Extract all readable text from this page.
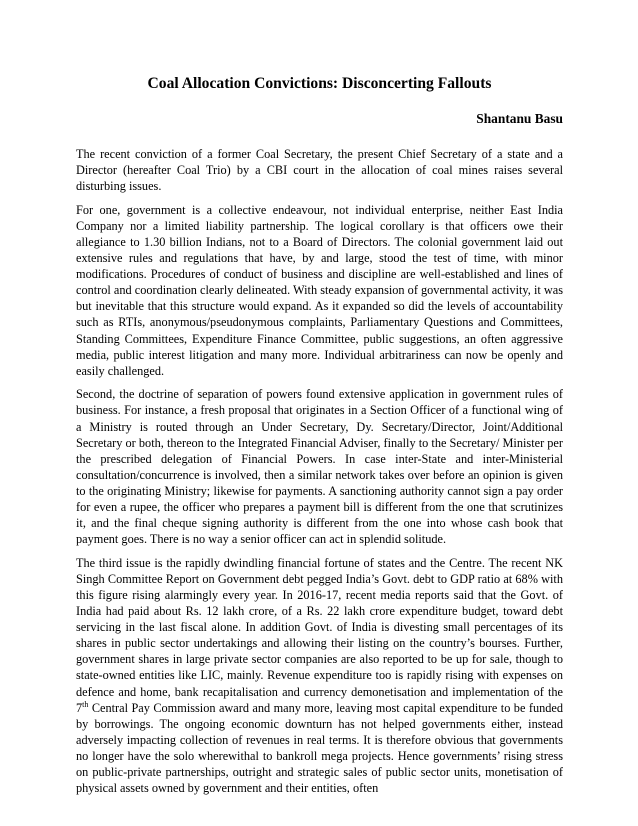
Coal Allocation Convictions: Disconcerting Fallouts
Shantanu Basu

The recent conviction of a former Coal Secretary, the present Chief Secretary of a state and a Director (hereafter Coal Trio) by a CBI court in the allocation of coal mines raises several disturbing issues.

For one, government is a collective endeavour, not individual enterprise, neither East India Company nor a limited liability partnership. The logical corollary is that officers owe their allegiance to 1.30 billion Indians, not to a Board of Directors. The colonial government laid out extensive rules and regulations that have, by and large, stood the test of time, with minor modifications. Procedures of conduct of business and discipline are well-established and lines of control and coordination clearly delineated. With steady expansion of governmental activity, it was but inevitable that this structure would expand. As it expanded so did the levels of accountability such as RTIs, anonymous/pseudonymous complaints, Parliamentary Questions and Committees, Standing Committees, Expenditure Finance Committee, public suggestions, an often aggressive media, public interest litigation and many more. Individual arbitrariness can now be openly and easily challenged.

Second, the doctrine of separation of powers found extensive application in government rules of business. For instance, a fresh proposal that originates in a Section Officer of a functional wing of a Ministry is routed through an Under Secretary, Dy. Secretary/Director, Joint/Additional Secretary or both, thereon to the Integrated Financial Adviser, finally to the Secretary/ Minister per the prescribed delegation of Financial Powers. In case inter-State and inter-Ministerial consultation/concurrence is involved, then a similar network takes over before an opinion is given to the originating Ministry; likewise for payments. A sanctioning authority cannot sign a pay order for even a rupee, the officer who prepares a payment bill is different from the one that scrutinizes it, and the final cheque signing authority is different from the one into whose cash book that payment goes. There is no way a senior officer can act in splendid solitude.

The third issue is the rapidly dwindling financial fortune of states and the Centre. The recent NK Singh Committee Report on Government debt pegged India’s Govt. debt to GDP ratio at 68% with this figure rising alarmingly every year. In 2016-17, recent media reports said that the Govt. of India had paid about Rs. 12 lakh crore, of a Rs. 22 lakh crore expenditure budget, toward debt servicing in the last fiscal alone. In addition Govt. of India is divesting small percentages of its shares in public sector undertakings and allowing their listing on the country’s bourses. Further, government shares in large private sector companies are also reported to be up for sale, though to state-owned entities like LIC, mainly. Revenue expenditure too is rapidly rising with expenses on defence and home, bank recapitalisation and currency demonetisation and implementation of the 7th Central Pay Commission award and many more, leaving most capital expenditure to be funded by borrowings. The ongoing economic downturn has not helped governments either, instead adversely impacting collection of revenues in real terms. It is therefore obvious that governments no longer have the solo wherewithal to bankroll mega projects. Hence governments’ rising stress on public-private partnerships, outright and strategic sales of public sector units, monetisation of physical assets owned by government and their entities, often
